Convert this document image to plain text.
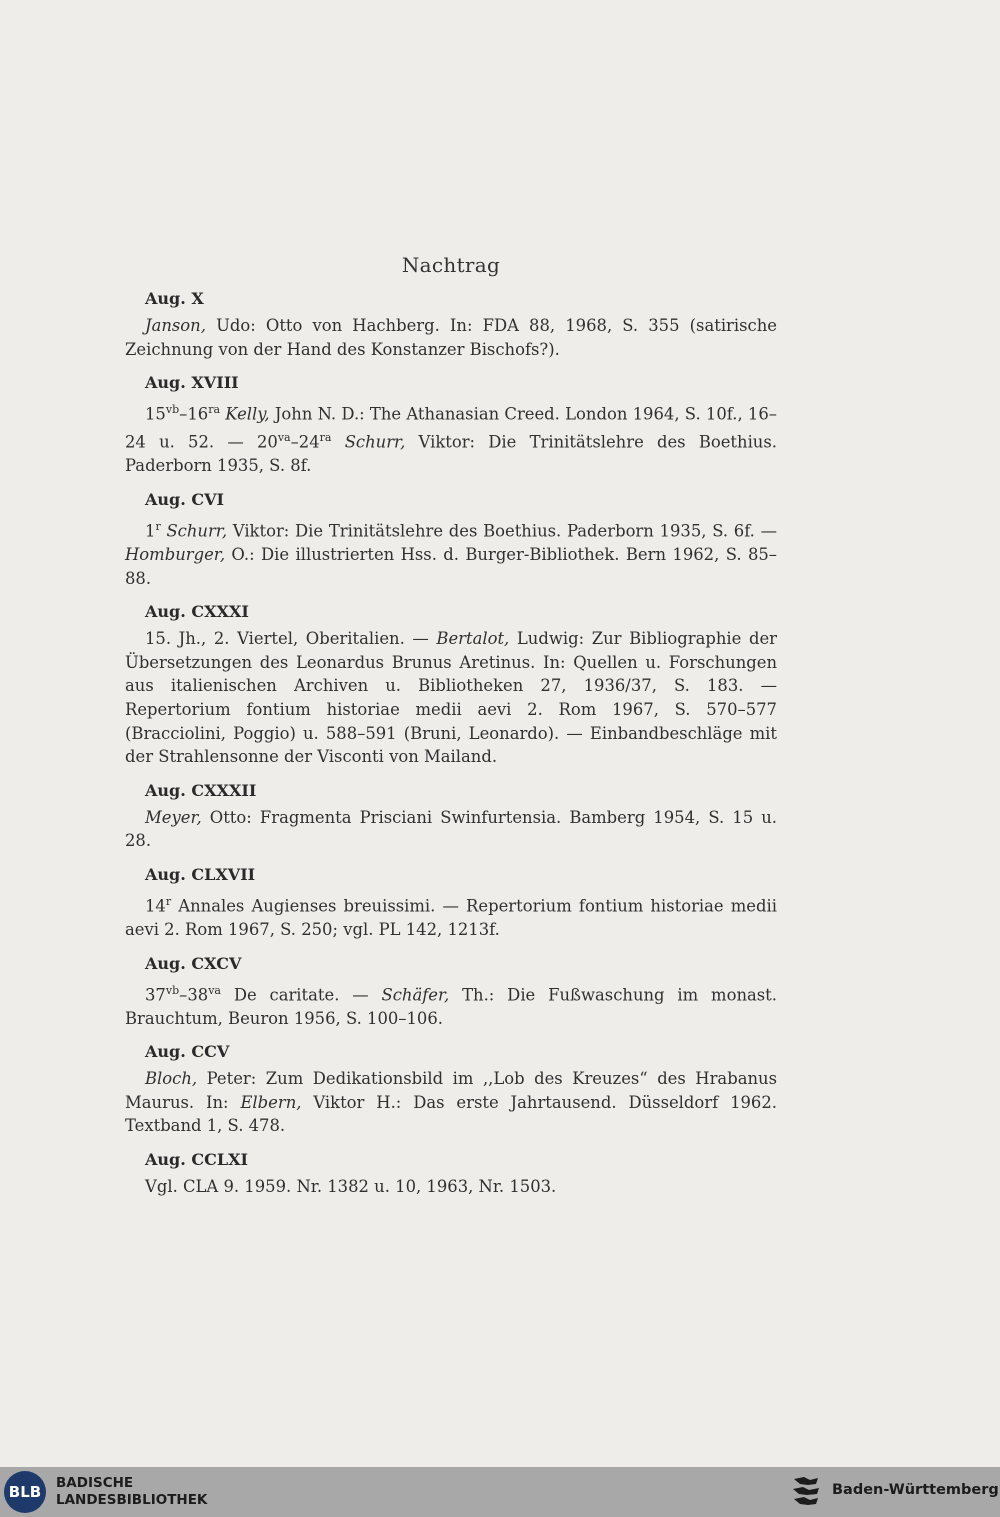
Nachtrag
Aug. X

Janson, Udo: Otto von Hachberg. In: FDA 88, 1968, S. 355 (satirische Zeichnung von der Hand des Konstanzer Bischofs?).

Aug. XVIII

$15^{vb}-16^{ra}$ Kelly, John N. D.: The Athanasian Creed. London 1964, S. 10f., 16–24 u. 52. — $20^{va}-24^{ra}$ Schurr, Viktor: Die Trinitätslehre des Boethius. Paderborn 1935, S. 8f.

Aug. CVI

1$^r$ Schurr, Viktor: Die Trinitätslehre des Boethius. Paderborn 1935, S. 6f. — Homburger, O.: Die illustrierten Hss. d. Burger-Bibliothek. Bern 1962, S. 85–88.

Aug. CXXXI

15. Jh., 2. Viertel, Oberitalien. — Bertalot, Ludwig: Zur Bibliographie der Übersetzungen des Leonardus Brunus Aretinus. In: Quellen u. Forschungen aus italienischen Archiven u. Bibliotheken 27, 1936/37, S. 183. — Repertorium fontium historiae medii aevi 2. Rom 1967, S. 570–577 (Bracciolini, Poggio) u. 588–591 (Bruni, Leonardo). — Einbandbeschläge mit der Strahlensonne der Visconti von Mailand.

Aug. CXXXII

Meyer, Otto: Fragmenta Prisciani Swinfurtensia. Bamberg 1954, S. 15 u. 28.

Aug. CLXVII

14$^r$ Annales Augienses breuissimi. — Repertorium fontium historiae medii aevi 2. Rom 1967, S. 250; vgl. PL 142, 1213f.

Aug. CXCV

$37^{vb}-38^{va}$ De caritate. — Schäfer, Th.: Die Fußwaschung im monast. Brauchtum, Beuron 1956, S. 100–106.

Aug. CCV

Bloch, Peter: Zum Dedikationsbild im ,,Lob des Kreuzes“ des Hrabanus Maurus. In: Elbern, Viktor H.: Das erste Jahrtausend. Düsseldorf 1962. Textband 1, S. 478.

Aug. CCLXI

Vgl. CLA 9. 1959. Nr. 1382 u. 10, 1963, Nr. 1503.

BLB	BADISCHE
LANDESBIBLIOTHEK
Baden-Württemberg
